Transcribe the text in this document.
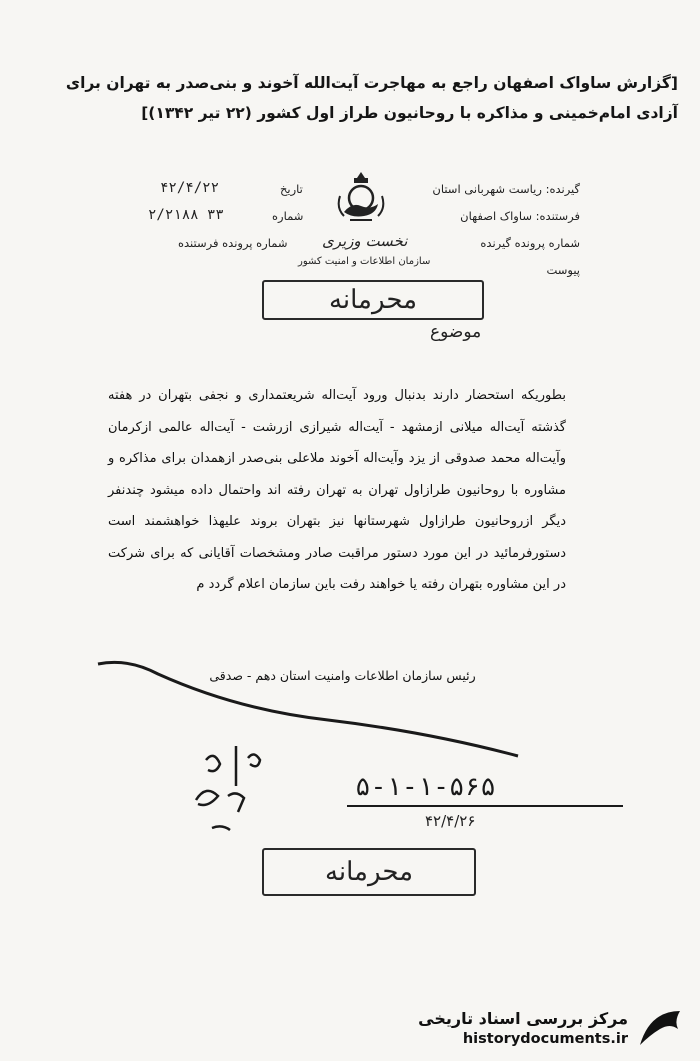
[گزارش ساواک اصفهان راجع به مهاجرت آیت‌الله آخوند و بنی‌صدر به تهران برای آزادی امام‌خمینی و مذاکره با روحانیون طراز اول کشور (۲۲ تیر ۱۳۴۲)]
گیرنده: ریاست شهربانی استان
فرستنده: ساواک اصفهان
شماره پرونده گیرنده
پیوست
تاریخ
۴۲/۴/۲۲
شماره
۲/۲۱۸۸ ۳۳
شماره پرونده فرستنده نخست وزیری
سازمان اطلاعات و امنیت کشور
محرمانه
موضوع
بطوریکه استحضار دارند بدنبال ورود آیت‌اله شریعتمداری و نجفی بتهران در هفته گذشته آیت‌اله میلانی ازمشهد - آیت‌اله شیرازی ازرشت - آیت‌اله عالمی ازکرمان وآیت‌اله محمد صدوقی از یزد وآیت‌اله آخوند ملاعلی بنی‌صدر ازهمدان برای مذاکره و مشاوره با روحانیون طرازاول تهران به تهران رفته اند واحتمال داده میشود چندنفر دیگر ازروحانیون طرازاول شهرستانها نیز بتهران بروند علیهذا خواهشمند است دستورفرمائید در این مورد دستور مراقبت صادر ومشخصات آقایانی که برای شرکت در این مشاوره بتهران رفته یا خواهند رفت باین سازمان اعلام گردد م
رئیس سازمان اطلاعات وامنیت استان دهم - صدقی
۵-۱-۱-۵۶۵
۴۲/۴/۲۶
محرمانه
مرکز بررسی اسناد تاریخی
historydocuments.ir
